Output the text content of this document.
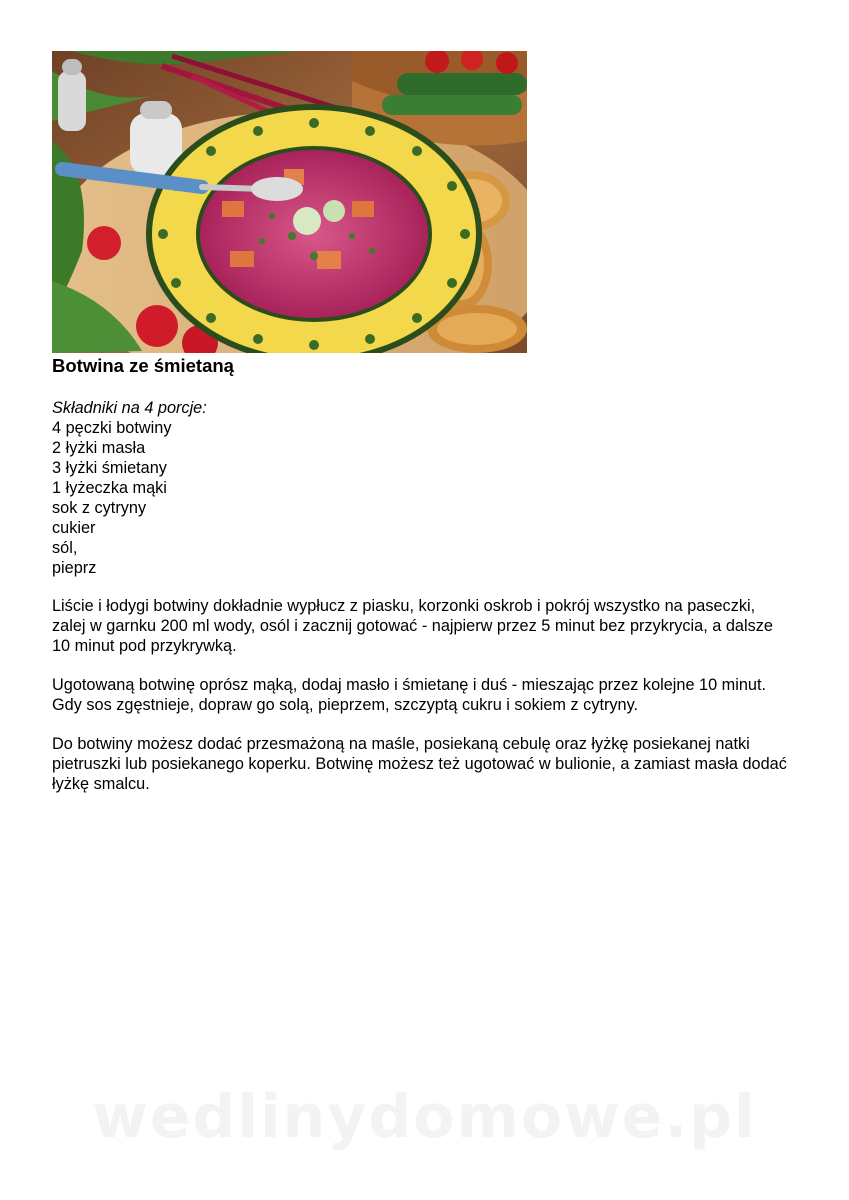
Botwina ze śmietaną
Składniki na 4 porcje:
4 pęczki botwiny
2 łyżki masła
3 łyżki śmietany
1 łyżeczka mąki
sok z cytryny
cukier
sól,
pieprz

Liście i łodygi botwiny dokładnie wypłucz z piasku, korzonki oskrob i pokrój wszystko na paseczki, zalej w garnku 200 ml wody, osól i zacznij gotować - najpierw przez 5 minut bez przykrycia, a dalsze 10 minut pod przykrywką.

Ugotowaną botwinę oprósz mąką, dodaj masło i śmietanę i duś - mieszając przez kolejne 10 minut. Gdy sos zgęstnieje, dopraw go solą, pieprzem, szczyptą cukru i sokiem z cytryny.

Do botwiny możesz dodać przesmażoną na maśle, posiekaną cebulę oraz łyżkę posiekanej natki pietruszki lub posiekanego koperku. Botwinę możesz też ugotować w bulionie, a zamiast masła dodać łyżkę smalcu.

wedlinydomowe.pl
